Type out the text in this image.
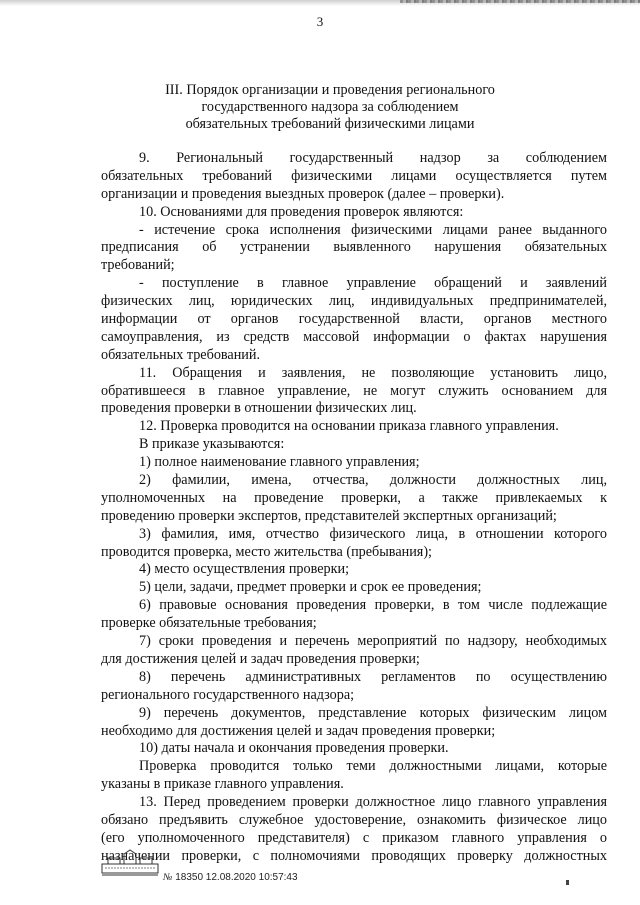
3
III. Порядок организации и проведения регионального
государственного надзора за соблюдением
обязательных требований физическими лицами
9. Региональный государственный надзор за соблюдением
обязательных требований физическими лицами осуществляется путем
организации и проведения выездных проверок (далее – проверки).
10. Основаниями для проведения проверок являются:
- истечение срока исполнения физическими лицами ранее выданного
предписания об устранении выявленного нарушения обязательных
требований;
- поступление в главное управление обращений и заявлений
физических лиц, юридических лиц, индивидуальных предпринимателей,
информации от органов государственной власти, органов местного
самоуправления, из средств массовой информации о фактах нарушения
обязательных требований.
11. Обращения и заявления, не позволяющие установить лицо,
обратившееся в главное управление, не могут служить основанием для
проведения проверки в отношении физических лиц.
12. Проверка проводится на основании приказа главного управления.
В приказе указываются:
1) полное наименование главного управления;
2) фамилии, имена, отчества, должности должностных лиц,
уполномоченных на проведение проверки, а также привлекаемых к
проведению проверки экспертов, представителей экспертных организаций;
3) фамилия, имя, отчество физического лица, в отношении которого
проводится проверка, место жительства (пребывания);
4) место осуществления проверки;
5) цели, задачи, предмет проверки и срок ее проведения;
6) правовые основания проведения проверки, в том числе подлежащие
проверке обязательные требования;
7) сроки проведения и перечень мероприятий по надзору, необходимых
для достижения целей и задач проведения проверки;
8) перечень административных регламентов по осуществлению
регионального государственного надзора;
9) перечень документов, представление которых физическим лицом
необходимо для достижения целей и задач проведения проверки;
10) даты начала и окончания проведения проверки.
Проверка проводится только теми должностными лицами, которые
указаны в приказе главного управления.
13. Перед проведением проверки должностное лицо главного управления
обязано предъявить служебное удостоверение, ознакомить физическое лицо
(его уполномоченного представителя) с приказом главного управления о
назначении проверки, с полномочиями проводящих проверку должностных
№ 18350 12.08.2020 10:57:43
